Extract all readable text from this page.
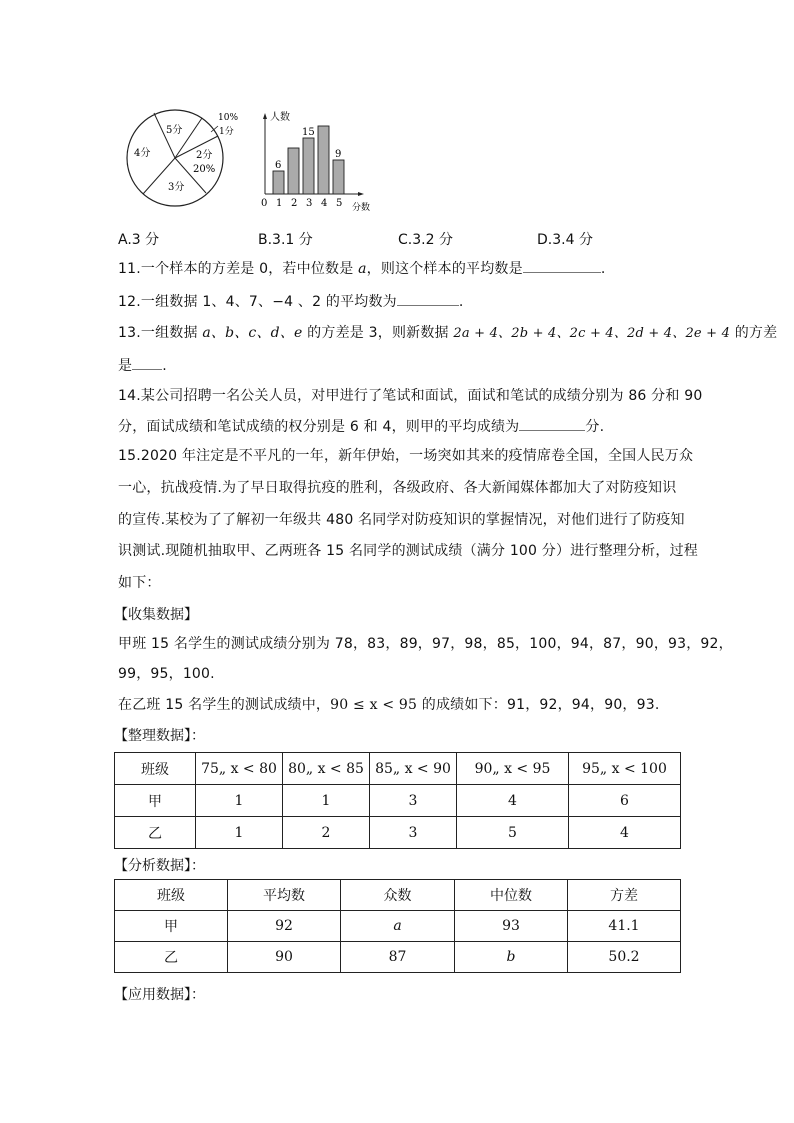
5分
10%
1分
2分
20%
3分
4分
人数
6
15
9
0 1 2 3 4 5 分数
A.3 分	B.3.1 分	C.3.2 分	D.3.4 分
11.一个样本的方差是 0，若中位数是 a，则这个样本的平均数是	.
12.一组数据 1、4、7、−4 、2 的平均数为	.
13.一组数据 a、b、c、d、e 的方差是 3，则新数据 2a + 4、2b + 4、2c + 4、2d + 4、2e + 4 的方差
是 .
14.某公司招聘一名公关人员，对甲进行了笔试和面试，面试和笔试的成绩分别为 86 分和 90
分，面试成绩和笔试成绩的权分别是 6 和 4，则甲的平均成绩为	分.
15.2020 年注定是不平凡的一年，新年伊始，一场突如其来的疫情席卷全国，全国人民万众
一心，抗战疫情.为了早日取得抗疫的胜利，各级政府、各大新闻媒体都加大了对防疫知识
的宣传.某校为了了解初一年级共 480 名同学对防疫知识的掌握情况，对他们进行了防疫知
识测试.现随机抽取甲、乙两班各 15 名同学的测试成绩（满分 100 分）进行整理分析，过程
如下：
【收集数据】
甲班 15 名学生的测试成绩分别为 78，83，89，97，98，85，100，94，87，90，93，92，
99，95，100.
在乙班 15 名学生的测试成绩中，90 ≤ x < 95 的成绩如下：91，92，94，90，93.
【整理数据】：
班级	75„ x < 80	80„ x < 85	85„ x < 90	90„ x < 95	95„ x < 100
甲	1	1	3	4	6
乙	1	2	3	5	4
【分析数据】：
班级	平均数	众数	中位数	方差
甲	92	a	93	41.1
乙	90	87	b	50.2
【应用数据】：
